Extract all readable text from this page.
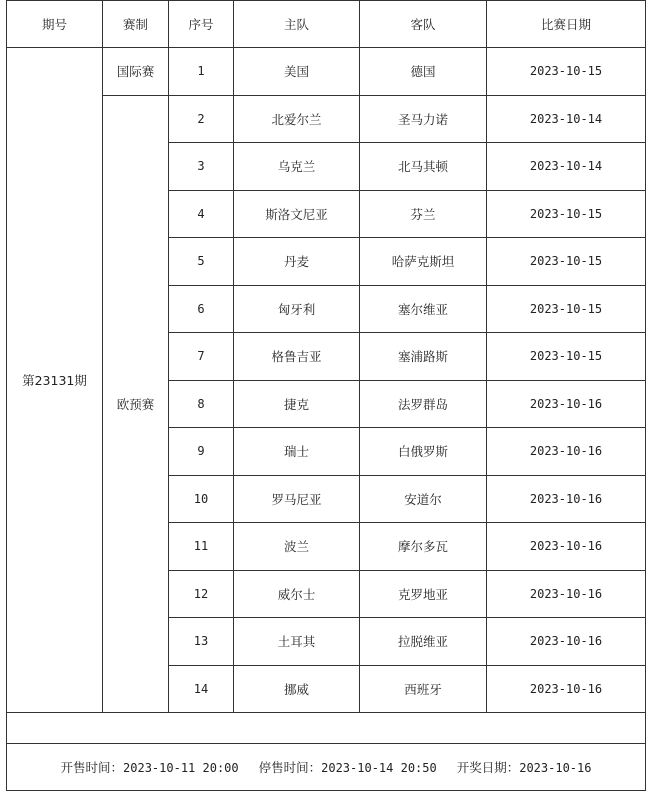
期号	赛制	序号	主队	客队	比赛日期
第23131期	国际赛	1	美国	德国	2023-10-15
	欧预赛	2	北爱尔兰	圣马力诺	2023-10-14
		3	乌克兰	北马其顿	2023-10-14
		4	斯洛文尼亚	芬兰	2023-10-15
		5	丹麦	哈萨克斯坦	2023-10-15
		6	匈牙利	塞尔维亚	2023-10-15
		7	格鲁吉亚	塞浦路斯	2023-10-15
		8	捷克	法罗群岛	2023-10-16
		9	瑞士	白俄罗斯	2023-10-16
		10	罗马尼亚	安道尔	2023-10-16
		11	波兰	摩尔多瓦	2023-10-16
		12	威尔士	克罗地亚	2023-10-16
		13	土耳其	拉脱维亚	2023-10-16
		14	挪威	西班牙	2023-10-16

开售时间：2023-10-11 20:00 停售时间：2023-10-14 20:50 开奖日期：2023-10-16					
